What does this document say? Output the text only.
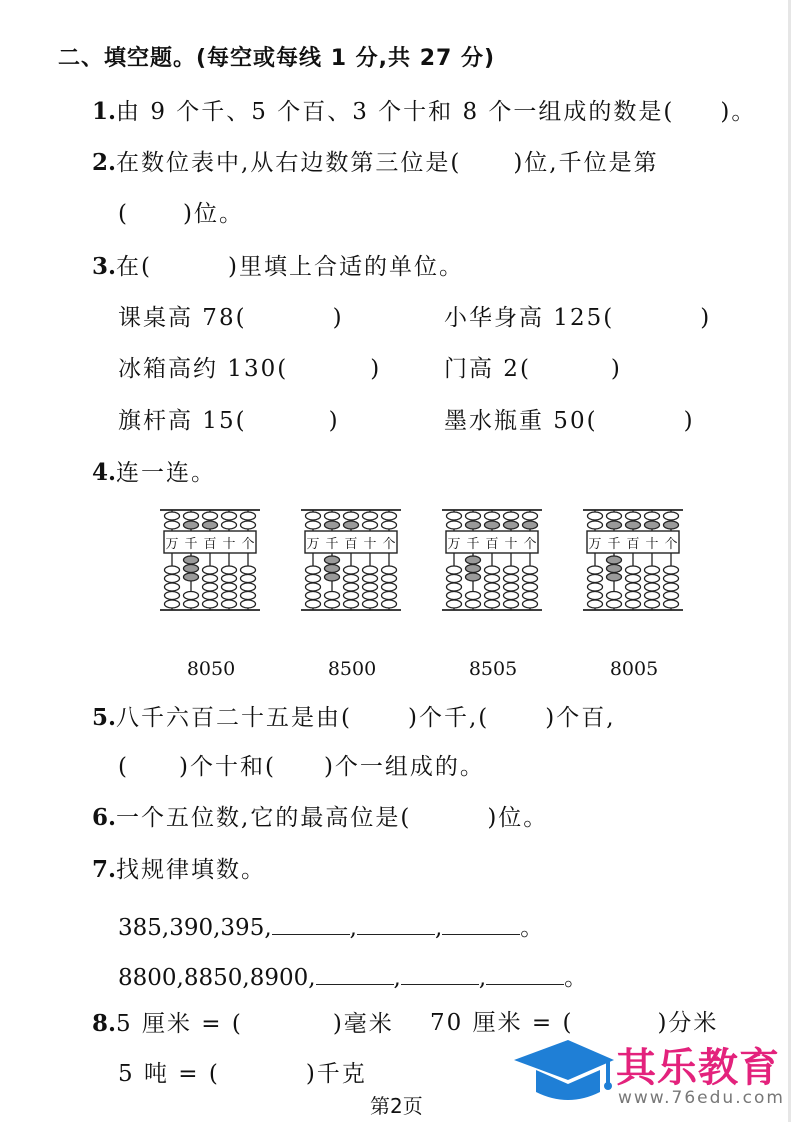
二、填空题。(每空或每线 1 分,共 27 分)
1.由 9 个千、5 个百、3 个十和 8 个一组成的数是( )。
2.在数位表中,从右边数第三位是( )位,千位是第
( )位。
3.在(	)里填上合适的单位。
课桌高 78(	)	小华身高 125(	)
冰箱高约 130(	)	门高 2(	)
旗杆高 15(	)	墨水瓶重 50(	)
4.连一连。
万 千 百 十 个
8050
万 千 百 十 个
8500
万 千 百 十 个
8505
万 千 百 十 个
8005
5.八千六百二十五是由( )个千,( )个百,
( )个十和( )个一组成的。
6.一个五位数,它的最高位是(	)位。
7.找规律填数。
385,390,395,	,	,	。
8800,8850,8900,	,	,	。
8.5 厘米 = (	)毫米 70 厘米 = (	)分米
5 吨 = (	)千克
第2页
其乐教育
www.76edu.com
